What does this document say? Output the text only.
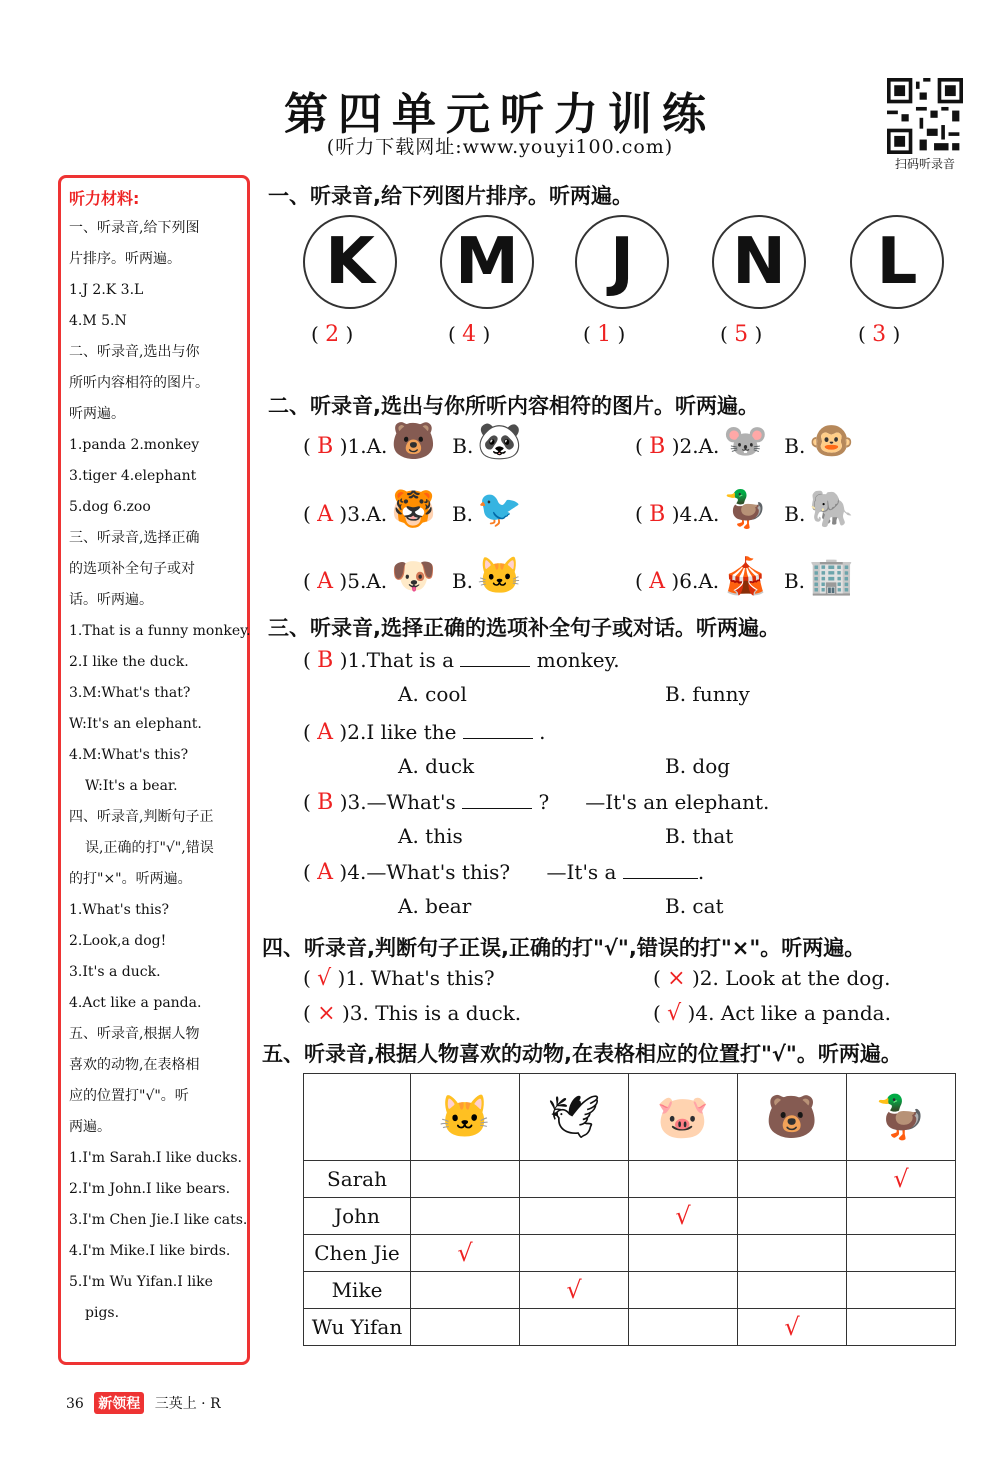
第四单元听力训练
(听力下载网址:www.youyi100.com)
扫码听录音
听力材料:
一、听录音,给下列图
片排序。听两遍。
1.J 2.K 3.L
4.M 5.N
二、听录音,选出与你
所听内容相符的图片。
听两遍。
1.panda 2.monkey
3.tiger 4.elephant
5.dog 6.zoo
三、听录音,选择正确
的选项补全句子或对
话。听两遍。
1.That is a funny monkey.
2.I like the duck.
3.M:What's that?
W:It's an elephant.
4.M:What's this?
W:It's a bear.
四、听录音,判断句子正
误,正确的打"√",错误
的打"×"。听两遍。
1.What's this?
2.Look,a dog!
3.It's a duck.
4.Act like a panda.
五、听录音,根据人物
喜欢的动物,在表格相
应的位置打"√"。听
两遍。
1.I'm Sarah.I like ducks.
2.I'm John.I like bears.
3.I'm Chen Jie.I like cats.
4.I'm Mike.I like birds.
5.I'm Wu Yifan.I like
pigs.
一、听录音,给下列图片排序。听两遍。
K	M	J	N	L
( 2 )	( 4 )	( 1 )	( 5 )	( 3 )
二、听录音,选出与你所听内容相符的图片。听两遍。
( B )1.A. 🐻 B. 🐼	( B )2.A. 🐭 B. 🐵
( A )3.A. 🐯 B. 🐦	( B )4.A. 🦆 B. 🐘
( A )5.A. 🐶 B. 🐱	( A )6.A. 🎪 B. 🏢
三、听录音,选择正确的选项补全句子或对话。听两遍。
( B )1.That is a	monkey.
A. cool	B. funny
( A )2.I like the	.
A. duck	B. dog
( B )3.—What's	? —It's an elephant.
A. this	B. that
( A )4.—What's this? —It's a	.
A. bear	B. cat
四、听录音,判断句子正误,正确的打"√",错误的打"×"。听两遍。
( √ )1. What's this?	( × )2. Look at the dog.
( × )3. This is a duck.	( √ )4. Act like a panda.
五、听录音,根据人物喜欢的动物,在表格相应的位置打"√"。听两遍。
	🐱	🕊	🐷	🐻	🦆
Sarah					√
John			√		
Chen Jie	√				
Mike		√			
Wu Yifan				√	
36 新领程 三英上 · R
